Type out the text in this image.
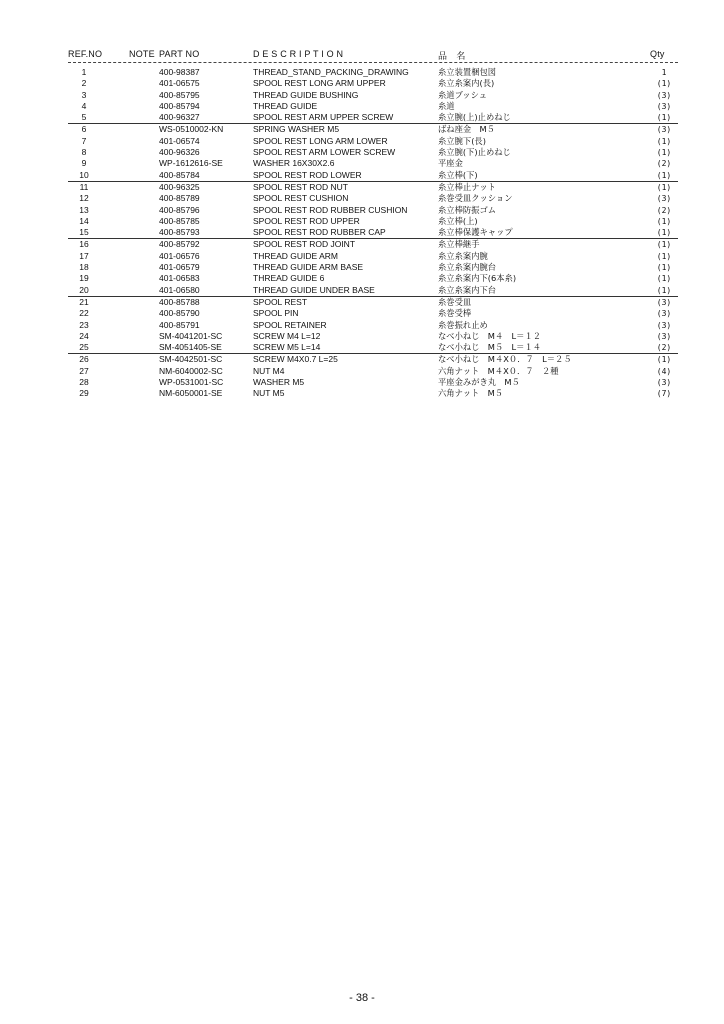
REF.NO	NOTE PART NO	D E S C R I P T I O N	品　名	Qty
1	400-98387	THREAD_STAND_PACKING_DRAWING	糸立装置梱包図	1
2	401-06575	SPOOL REST LONG ARM UPPER	糸立糸案内(長)	(1)
3	400-85795	THREAD GUIDE BUSHING	糸道ブッシュ	(3)
4	400-85794	THREAD GUIDE	糸道	(3)
5	400-96327	SPOOL REST ARM UPPER SCREW	糸立腕(上)止めねじ	(1)
6	WS-0510002-KN	SPRING WASHER M5	ばね座金　M５	(3)
7	401-06574	SPOOL REST LONG ARM LOWER	糸立腕下(長)	(1)
8	400-96326	SPOOL REST ARM LOWER SCREW	糸立腕(下)止めねじ	(1)
9	WP-1612616-SE	WASHER 16X30X2.6	平座金	(2)
10	400-85784	SPOOL REST ROD LOWER	糸立棒(下)	(1)
11	400-96325	SPOOL REST ROD NUT	糸立棒止ナット	(1)
12	400-85789	SPOOL REST CUSHION	糸巻受皿クッション	(3)
13	400-85796	SPOOL REST ROD RUBBER CUSHION	糸立棒防振ゴム	(2)
14	400-85785	SPOOL REST ROD UPPER	糸立棒(上)	(1)
15	400-85793	SPOOL REST ROD RUBBER CAP	糸立棒保護キャップ	(1)
16	400-85792	SPOOL REST ROD JOINT	糸立棒継手	(1)
17	401-06576	THREAD GUIDE ARM	糸立糸案内腕	(1)
18	401-06579	THREAD GUIDE ARM BASE	糸立糸案内腕台	(1)
19	401-06583	THREAD GUIDE 6	糸立糸案内下(6本糸)	(1)
20	401-06580	THREAD GUIDE UNDER BASE	糸立糸案内下台	(1)
21	400-85788	SPOOL REST	糸巻受皿	(3)
22	400-85790	SPOOL PIN	糸巻受棒	(3)
23	400-85791	SPOOL RETAINER	糸巻振れ止め	(3)
24	SM-4041201-SC	SCREW M4 L=12	なべ小ねじ　M４　L＝１２	(3)
25	SM-4051405-SE	SCREW M5 L=14	なべ小ねじ　M５　L＝１４	(2)
26	SM-4042501-SC	SCREW M4X0.7 L=25	なべ小ねじ　M４X０．７　L＝２５	(1)
27	NM-6040002-SC	NUT M4	六角ナット　M４X０．７　２種	(4)
28	WP-0531001-SC	WASHER M5	平座金みがき丸　M５	(3)
29	NM-6050001-SE	NUT M5	六角ナット　M５	(7)
- 38 -
